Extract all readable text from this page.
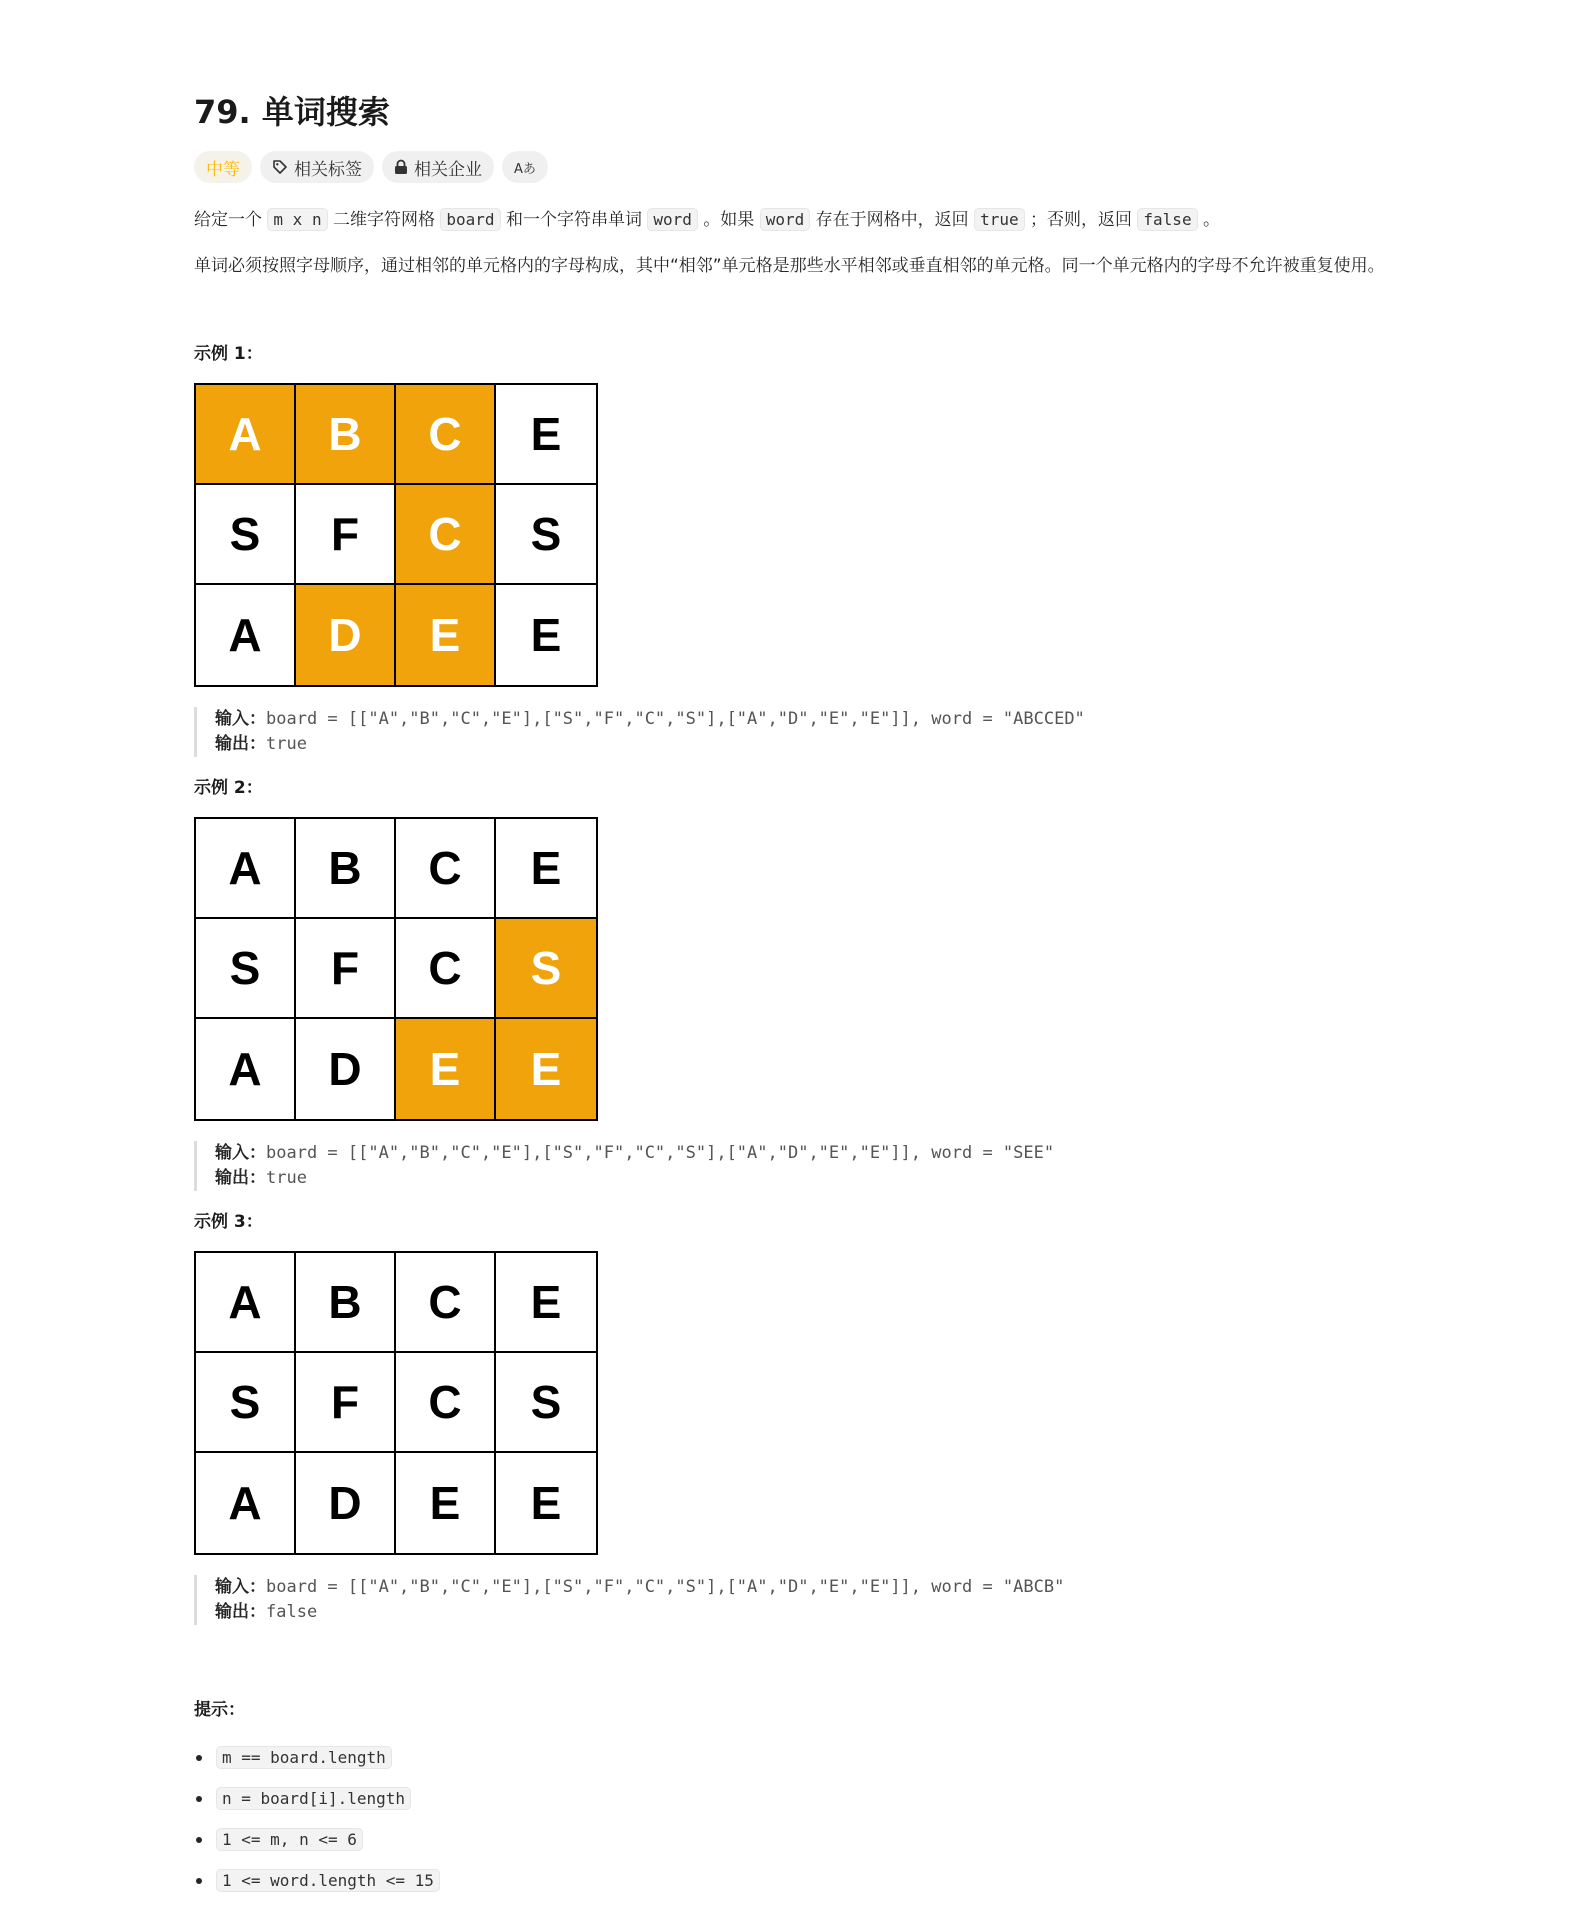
79. 单词搜索
中等	相关标签	相关企业 Aあ

给定一个 m x n 二维字符网格 board 和一个字符串单词 word 。如果 word 存在于网格中，返回 true ；否则，返回 false 。

单词必须按照字母顺序，通过相邻的单元格内的字母构成，其中“相邻”单元格是那些水平相邻或垂直相邻的单元格。同一个单元格内的字母不允许被重复使用。

示例 1：

A	B	C	E
S	F	C	S
A	D	E	E
输入：board = [["A","B","C","E"],["S","F","C","S"],["A","D","E","E"]], word = "ABCCED"
输出：true

示例 2：

A	B	C	E
S	F	C	S
A	D	E	E
输入：board = [["A","B","C","E"],["S","F","C","S"],["A","D","E","E"]], word = "SEE"
输出：true

示例 3：

A	B	C	E
S	F	C	S
A	D	E	E
输入：board = [["A","B","C","E"],["S","F","C","S"],["A","D","E","E"]], word = "ABCB"
输出：false

提示：

m == board.length
n = board[i].length
1 <= m, n <= 6
1 <= word.length <= 15
